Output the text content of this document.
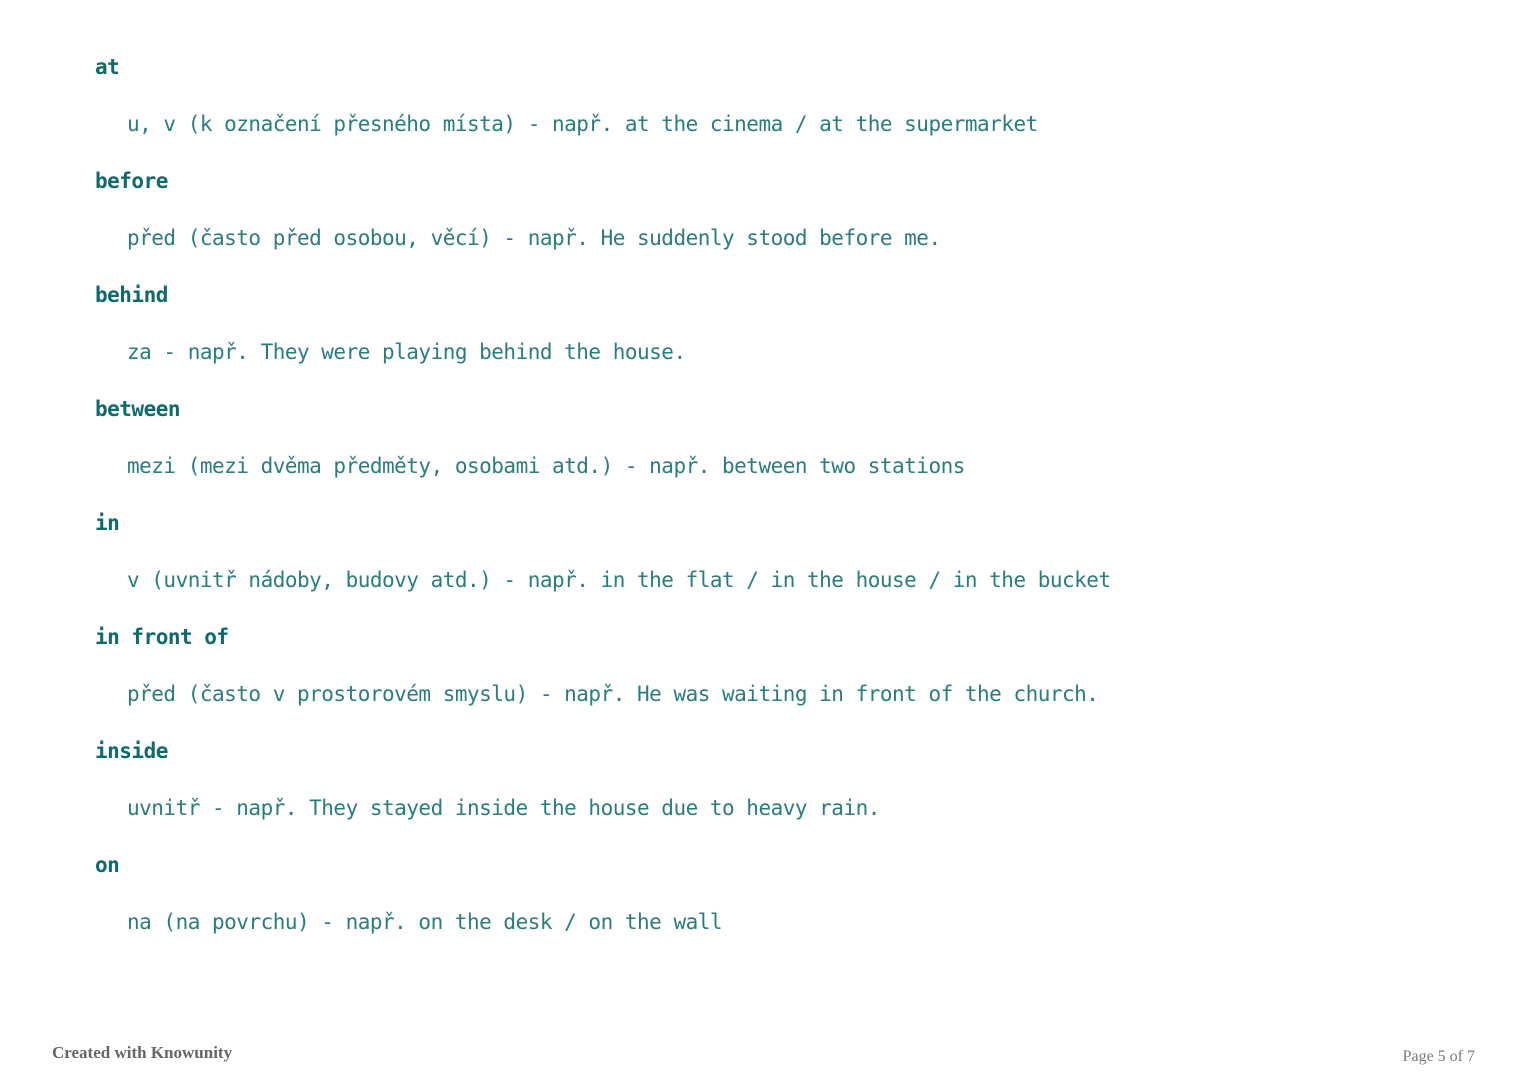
at

u, v (k označení přesného místa) - např. at the cinema / at the supermarket

before

před (často před osobou, věcí) - např. He suddenly stood before me.

behind

za - např. They were playing behind the house.

between

mezi (mezi dvěma předměty, osobami atd.) - např. between two stations

in

v (uvnitř nádoby, budovy atd.) - např. in the flat / in the house / in the bucket

in front of

před (často v prostorovém smyslu) - např. He was waiting in front of the church.

inside

uvnitř - např. They stayed inside the house due to heavy rain.

on

na (na povrchu) - např. on the desk / on the wall

Created with Knowunity	Page 5 of 7
